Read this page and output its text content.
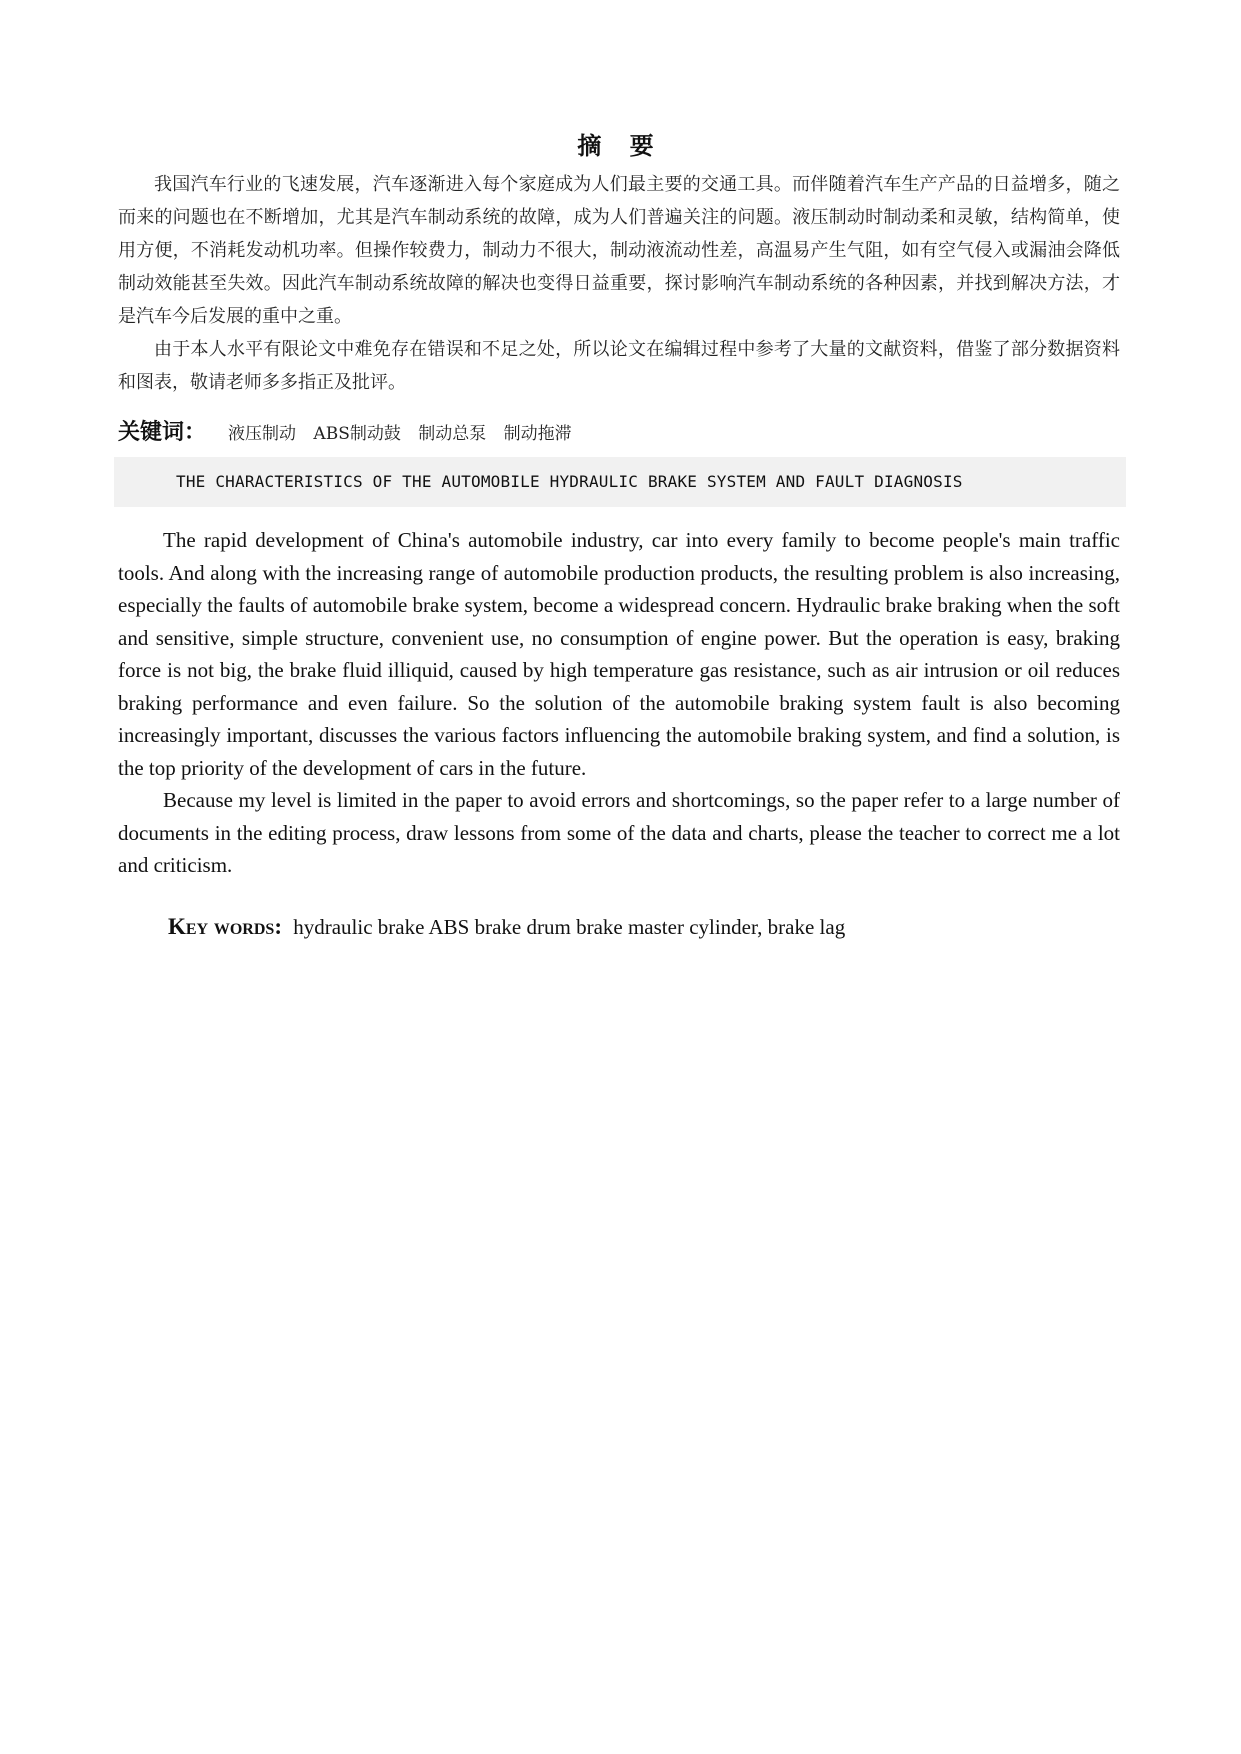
摘 要

我国汽车行业的飞速发展，汽车逐渐进入每个家庭成为人们最主要的交通工具。而伴随着汽车生产产品的日益增多，随之而来的问题也在不断增加，尤其是汽车制动系统的故障，成为人们普遍关注的问题。液压制动时制动柔和灵敏，结构简单，使用方便，不消耗发动机功率。但操作较费力，制动力不很大，制动液流动性差，高温易产生气阻，如有空气侵入或漏油会降低制动效能甚至失效。因此汽车制动系统故障的解决也变得日益重要，探讨影响汽车制动系统的各种因素，并找到解决方法，才是汽车今后发展的重中之重。

由于本人水平有限论文中难免存在错误和不足之处，所以论文在编辑过程中参考了大量的文献资料，借鉴了部分数据资料和图表，敬请老师多多指正及批评。

关键词： 液压制动 ABS制动鼓 制动总泵 制动拖滞
THE CHARACTERISTICS OF THE AUTOMOBILE HYDRAULIC BRAKE SYSTEM AND FAULT DIAGNOSIS

The rapid development of China's automobile industry, car into every family to become people's main traffic tools. And along with the increasing range of automobile production products, the resulting problem is also increasing, especially the faults of automobile brake system, become a widespread concern. Hydraulic brake braking when the soft and sensitive, simple structure, convenient use, no consumption of engine power. But the operation is easy, braking force is not big, the brake fluid illiquid, caused by high temperature gas resistance, such as air intrusion or oil reduces braking performance and even failure. So the solution of the automobile braking system fault is also becoming increasingly important, discusses the various factors influencing the automobile braking system, and find a solution, is the top priority of the development of cars in the future.

Because my level is limited in the paper to avoid errors and shortcomings, so the paper refer to a large number of documents in the editing process, draw lessons from some of the data and charts, please the teacher to correct me a lot and criticism.

Key words: hydraulic brake ABS brake drum brake master cylinder, brake lag
